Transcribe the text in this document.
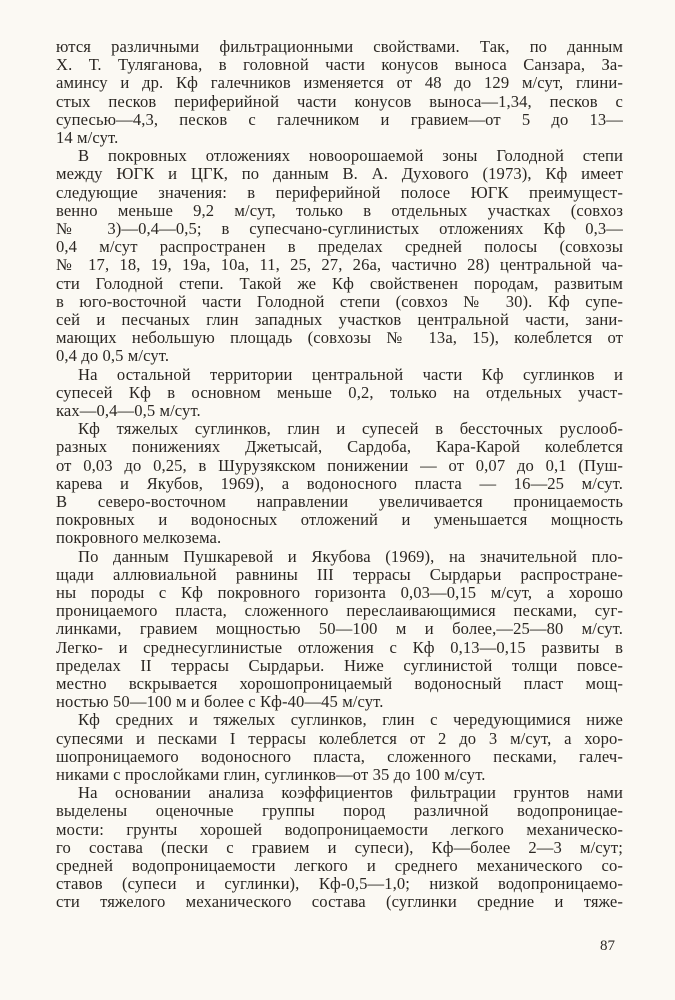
ются различными фильтрационными свойствами. Так, по данным
Х. Т. Туляганова, в головной части конусов выноса Санзара, За-
аминсу и др. Кф галечников изменяется от 48 до 129 м/сут, глини-
стых песков периферийной части конусов выноса—1,34, песков с
супесью—4,3, песков с галечником и гравием—от 5 до 13—
14 м/сут.
В покровных отложениях новоорошаемой зоны Голодной степи
между ЮГК и ЦГК, по данным В. А. Духового (1973), Кф имеет
следующие значения: в периферийной полосе ЮГК преимущест-
венно меньше 9,2 м/сут, только в отдельных участках (совхоз
№ 3)—0,4—0,5; в супесчано-суглинистых отложениях Кф 0,3—
0,4 м/сут распространен в пределах средней полосы (совхозы
№ 17, 18, 19, 19а, 10а, 11, 25, 27, 26а, частично 28) центральной ча-
сти Голодной степи. Такой же Кф свойственен породам, развитым
в юго-восточной части Голодной степи (совхоз № 30). Кф супе-
сей и песчаных глин западных участков центральной части, зани-
мающих небольшую площадь (совхозы № 13а, 15), колеблется от
0,4 до 0,5 м/сут.
На остальной территории центральной части Кф суглинков и
супесей Кф в основном меньше 0,2, только на отдельных участ-
ках—0,4—0,5 м/сут.
Кф тяжелых суглинков, глин и супесей в бессточных руслооб-
разных понижениях Джетысай, Сардоба, Кара-Карой колеблется
от 0,03 до 0,25, в Шурузякском понижении — от 0,07 до 0,1 (Пуш-
карева и Якубов, 1969), а водоносного пласта — 16—25 м/сут.
В северо-восточном направлении увеличивается проницаемость
покровных и водоносных отложений и уменьшается мощность
покровного мелкозема.
По данным Пушкаревой и Якубова (1969), на значительной пло-
щади аллювиальной равнины III террасы Сырдарьи распростране-
ны породы с Кф покровного горизонта 0,03—0,15 м/сут, а хорошо
проницаемого пласта, сложенного переслаивающимися песками, суг-
линками, гравием мощностью 50—100 м и более,—25—80 м/сут.
Легко- и среднесуглинистые отложения с Кф 0,13—0,15 развиты в
пределах II террасы Сырдарьи. Ниже суглинистой толщи повсе-
местно вскрывается хорошопроницаемый водоносный пласт мощ-
ностью 50—100 м и более с Кф-40—45 м/сут.
Кф средних и тяжелых суглинков, глин с чередующимися ниже
супесями и песками I террасы колеблется от 2 до 3 м/сут, а хоро-
шопроницаемого водоносного пласта, сложенного песками, галеч-
никами с прослойками глин, суглинков—от 35 до 100 м/сут.
На основании анализа коэффициентов фильтрации грунтов нами
выделены оценочные группы пород различной водопроницае-
мости: грунты хорошей водопроницаемости легкого механическо-
го состава (пески с гравием и супеси), Кф—более 2—3 м/сут;
средней водопроницаемости легкого и среднего механического со-
ставов (супеси и суглинки), Кф-0,5—1,0; низкой водопроницаемо-
сти тяжелого механического состава (суглинки средние и тяже-
87
